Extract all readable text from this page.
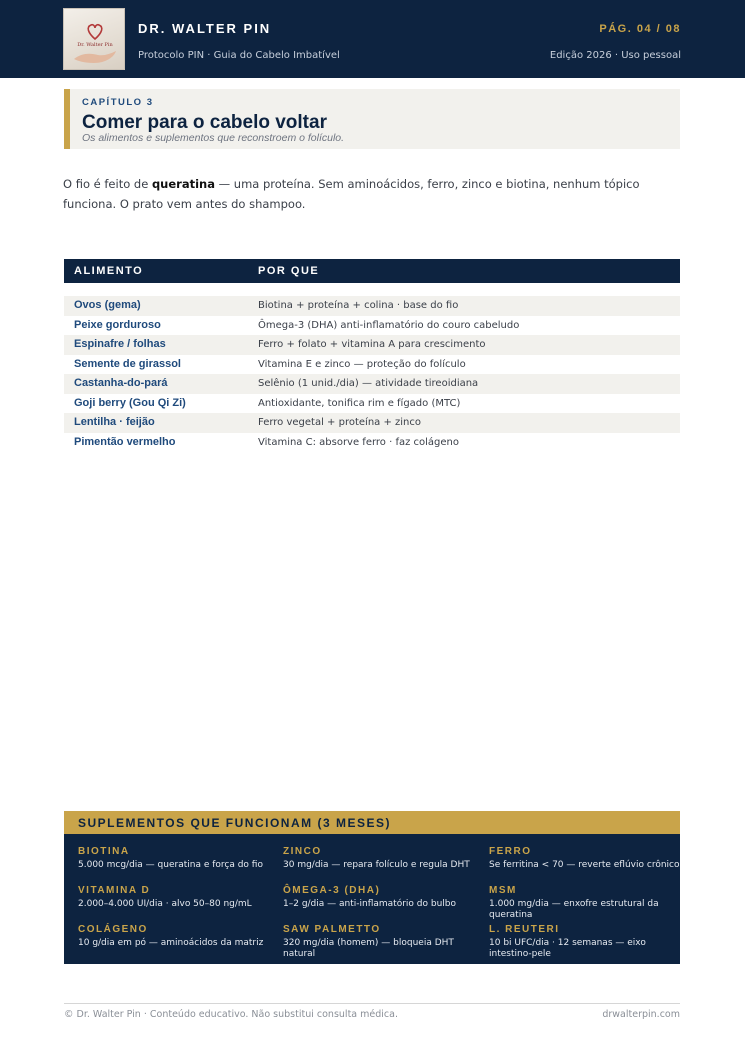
Dr. Walter Pin
DR. WALTER PIN
Protocolo PIN · Guia do Cabelo Imbatível
PÁG. 04 / 08
Edição 2026 · Uso pessoal
CAPÍTULO 3
Comer para o cabelo voltar
Os alimentos e suplementos que reconstroem o folículo.
O fio é feito de queratina — uma proteína. Sem aminoácidos, ferro, zinco e biotina, nenhum tópico funciona. O prato vem antes do shampoo.
ALIMENTO	POR QUE
Ovos (gema)	Biotina + proteína + colina · base do fio
Peixe gorduroso	Ômega-3 (DHA) anti-inflamatório do couro cabeludo
Espinafre / folhas	Ferro + folato + vitamina A para crescimento
Semente de girassol	Vitamina E e zinco — proteção do folículo
Castanha-do-pará	Selênio (1 unid./dia) — atividade tireoidiana
Goji berry (Gou Qi Zi)	Antioxidante, tonifica rim e fígado (MTC)
Lentilha · feijão	Ferro vegetal + proteína + zinco
Pimentão vermelho	Vitamina C: absorve ferro · faz colágeno
SUPLEMENTOS QUE FUNCIONAM (3 MESES)
BIOTINA
5.000 mcg/dia — queratina e força do fio
ZINCO
30 mg/dia — repara folículo e regula DHT
FERRO
Se ferritina < 70 — reverte eflúvio crônico
VITAMINA D
2.000–4.000 UI/dia · alvo 50–80 ng/mL
ÔMEGA-3 (DHA)
1–2 g/dia — anti-inflamatório do bulbo
MSM
1.000 mg/dia — enxofre estrutural da queratina
COLÁGENO
10 g/dia em pó — aminoácidos da matriz
SAW PALMETTO
320 mg/dia (homem) — bloqueia DHT natural
L. REUTERI
10 bi UFC/dia · 12 semanas — eixo intestino-pele
© Dr. Walter Pin · Conteúdo educativo. Não substitui consulta médica.	drwalterpin.com
